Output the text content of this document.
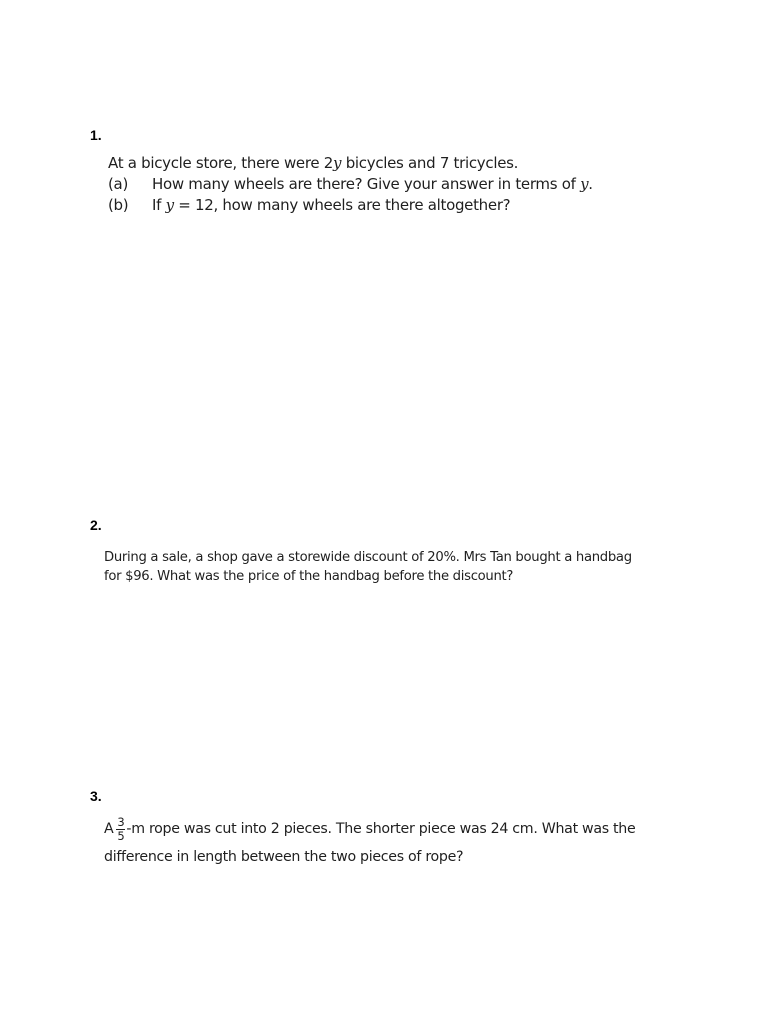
1.
At a bicycle store, there were 2y bicycles and 7 tricycles.
(a) How many wheels are there? Give your answer in terms of y.
(b) If y = 12, how many wheels are there altogether?
2.
During a sale, a shop gave a storewide discount of 20%. Mrs Tan bought a handbag
for $96. What was the price of the handbag before the discount?
3.
A $\frac{3}{5} -m$ rope was cut into 2 pieces. The shorter piece was 24 cm. What was the
difference in length between the two pieces of rope?
